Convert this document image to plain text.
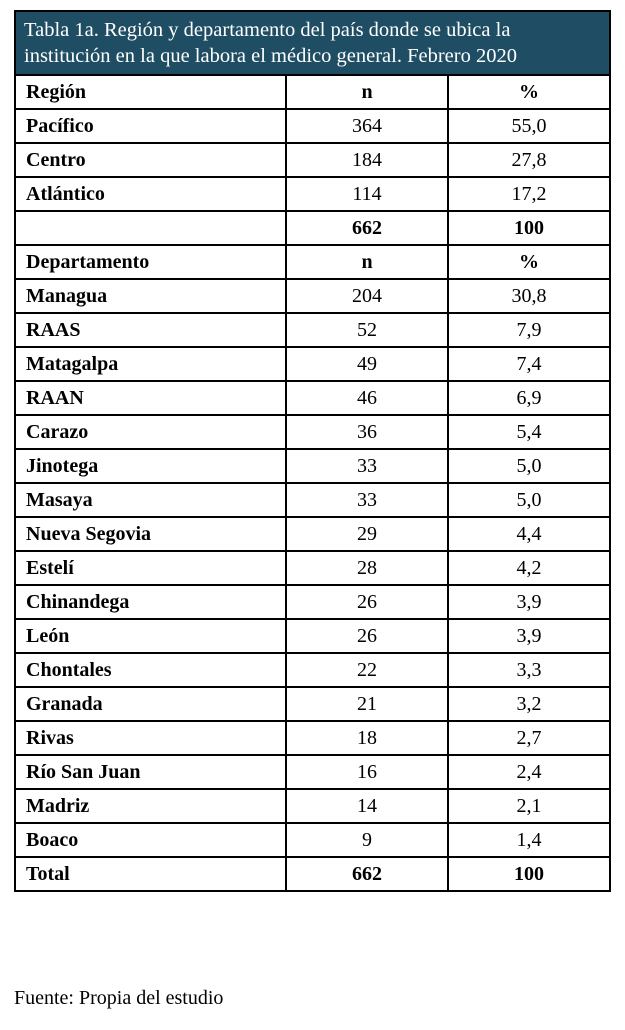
Tabla 1a. Región y departamento del país donde se ubica la institución en la que labora el médico general. Febrero 2020		
Región	n	%
Pacífico	364	55,0
Centro	184	27,8
Atlántico	114	17,2
	662	100
Departamento	n	%
Managua	204	30,8
RAAS	52	7,9
Matagalpa	49	7,4
RAAN	46	6,9
Carazo	36	5,4
Jinotega	33	5,0
Masaya	33	5,0
Nueva Segovia	29	4,4
Estelí	28	4,2
Chinandega	26	3,9
León	26	3,9
Chontales	22	3,3
Granada	21	3,2
Rivas	18	2,7
Río San Juan	16	2,4
Madriz	14	2,1
Boaco	9	1,4
Total	662	100
Fuente: Propia del estudio
